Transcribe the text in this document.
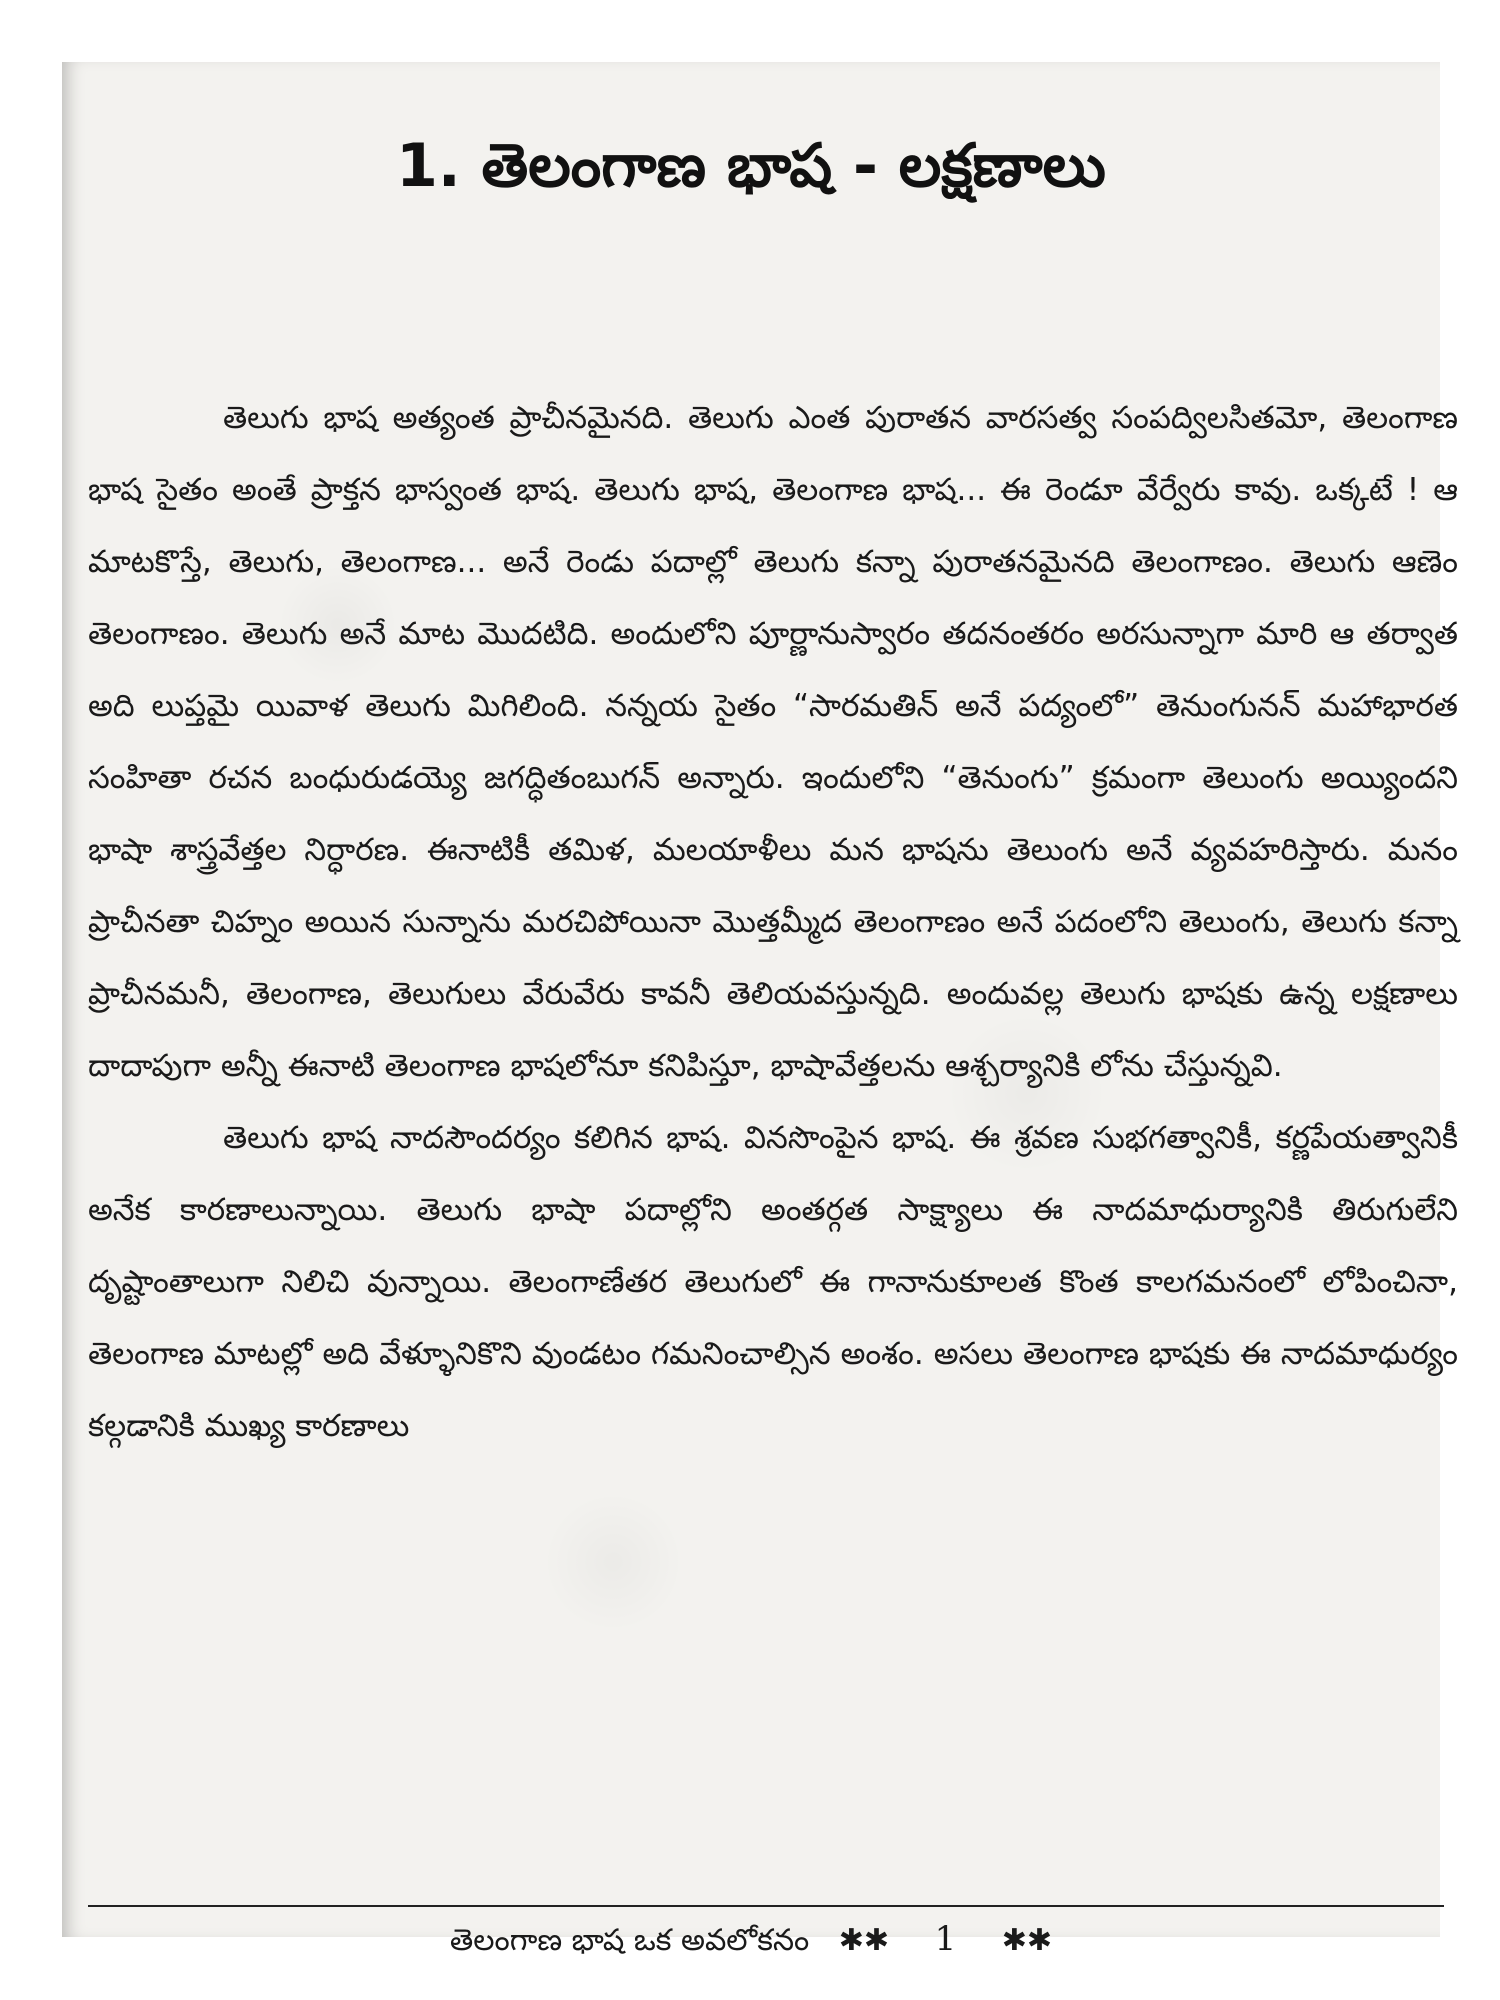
1. తెలంగాణ భాష - లక్షణాలు

తెలుగు భాష అత్యంత ప్రాచీనమైనది. తెలుగు ఎంత పురాతన వారసత్వ సంపద్విలసితమో, తెలంగాణ భాష సైతం అంతే ప్రాక్తన భాస్వంత భాష. తెలుగు భాష, తెలంగాణ భాష... ఈ రెండూ వేర్వేరు కావు. ఒక్కటే ! ఆ మాటకొస్తే, తెలుగు, తెలంగాణ... అనే రెండు పదాల్లో తెలుగు కన్నా పురాతనమైనది తెలంగాణం. తెలుగు ఆణెం తెలంగాణం. తెలుగు అనే మాట మొదటిది. అందులోని పూర్ణానుస్వారం తదనంతరం అరసున్నాగా మారి ఆ తర్వాత అది లుప్తమై యివాళ తెలుగు మిగిలింది. నన్నయ సైతం “సారమతిన్ అనే పద్యంలో” తెనుంగునన్ మహాభారత సంహితా రచన బంధురుడయ్యె జగద్ధితంబుగన్ అన్నారు. ఇందులోని “తెనుంగు” క్రమంగా తెలుంగు అయ్యిందని భాషా శాస్త్రవేత్తల నిర్ధారణ. ఈనాటికీ తమిళ, మలయాళీలు మన భాషను తెలుంగు అనే వ్యవహరిస్తారు. మనం ప్రాచీనతా చిహ్నం అయిన సున్నాను మరచిపోయినా మొత్తమ్మీద తెలంగాణం అనే పదంలోని తెలుంగు, తెలుగు కన్నా ప్రాచీనమనీ, తెలంగాణ, తెలుగులు వేరువేరు కావనీ తెలియవస్తున్నది. అందువల్ల తెలుగు భాషకు ఉన్న లక్షణాలు దాదాపుగా అన్నీ ఈనాటి తెలంగాణ భాషలోనూ కనిపిస్తూ, భాషావేత్తలను ఆశ్చర్యానికి లోను చేస్తున్నవి.

తెలుగు భాష నాదసౌందర్యం కలిగిన భాష. వినసొంపైన భాష. ఈ శ్రవణ సుభగత్వానికీ, కర్ణపేయత్వానికీ అనేక కారణాలున్నాయి. తెలుగు భాషా పదాల్లోని అంతర్గత సాక్ష్యాలు ఈ నాదమాధుర్యానికి తిరుగులేని దృష్టాంతాలుగా నిలిచి వున్నాయి. తెలంగాణేతర తెలుగులో ఈ గానానుకూలత కొంత కాలగమనంలో లోపించినా, తెలంగాణ మాటల్లో అది వేళ్ళూనికొని వుండటం గమనించాల్సిన అంశం. అసలు తెలంగాణ భాషకు ఈ నాదమాధుర్యం కల్గడానికి ముఖ్య కారణాలు

తెలంగాణ భాష ఒక అవలోకనం ✱✱ 1 ✱✱
